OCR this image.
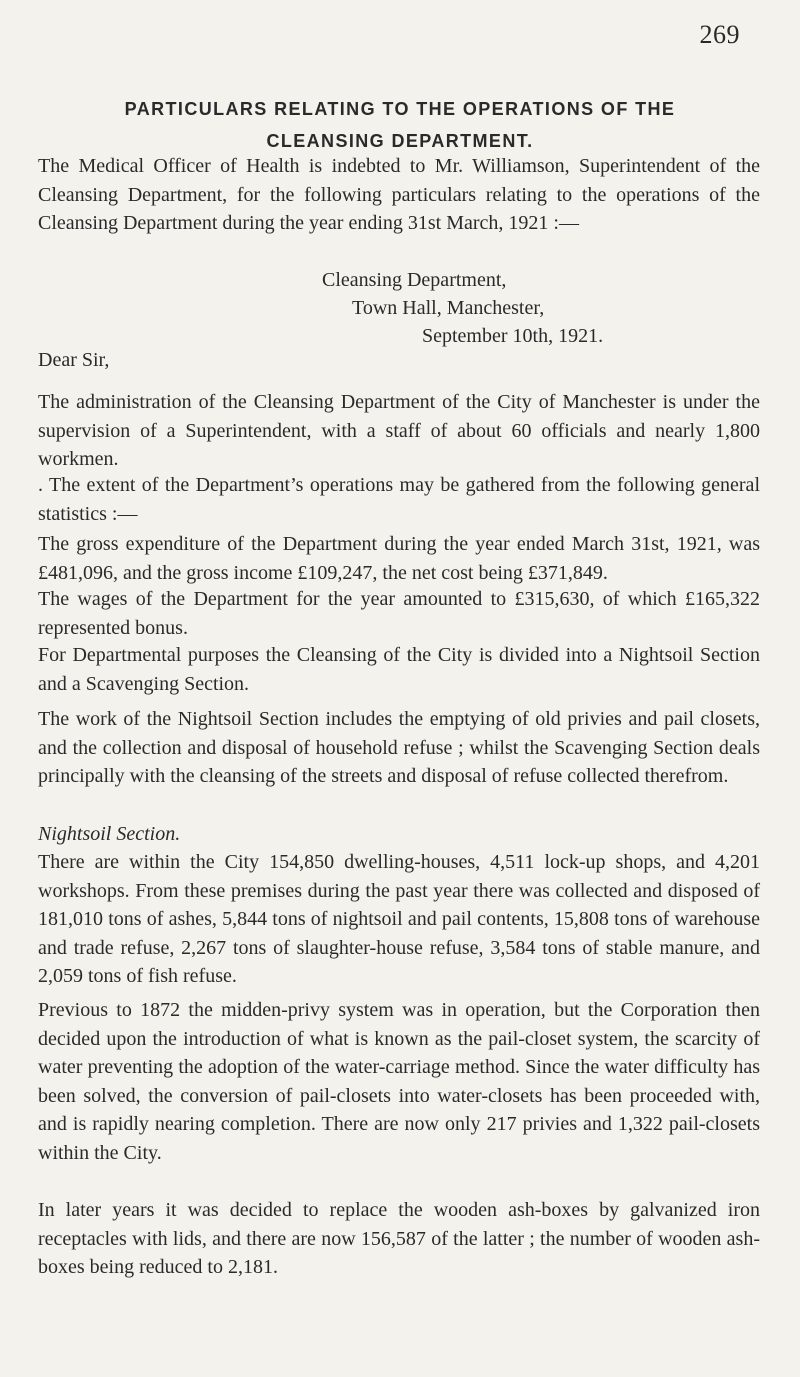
269
PARTICULARS RELATING TO THE OPERATIONS OF THE
CLEANSING DEPARTMENT.
The Medical Officer of Health is indebted to Mr. Williamson, Superintendent of the Cleansing Department, for the following particulars relating to the operations of the Cleansing Department during the year ending 31st March, 1921 :—
Cleansing Department,
Town Hall, Manchester,
September 10th, 1921.
Dear Sir,
The administration of the Cleansing Department of the City of Manchester is under the supervision of a Superintendent, with a staff of about 60 officials and nearly 1,800 workmen.
. The extent of the Department’s operations may be gathered from the following general statistics :—
The gross expenditure of the Department during the year ended March 31st, 1921, was £481,096, and the gross income £109,247, the net cost being £371,849.
The wages of the Department for the year amounted to £315,630, of which £165,322 represented bonus.
For Departmental purposes the Cleansing of the City is divided into a Nightsoil Section and a Scavenging Section.
The work of the Nightsoil Section includes the emptying of old privies and pail closets, and the collection and disposal of household refuse ; whilst the Scavenging Section deals principally with the cleansing of the streets and disposal of refuse collected therefrom.
Nightsoil Section.
There are within the City 154,850 dwelling-houses, 4,511 lock-up shops, and 4,201 workshops. From these premises during the past year there was collected and disposed of 181,010 tons of ashes, 5,844 tons of nightsoil and pail contents, 15,808 tons of warehouse and trade refuse, 2,267 tons of slaughter-house refuse, 3,584 tons of stable manure, and 2,059 tons of fish refuse.
Previous to 1872 the midden-privy system was in operation, but the Corporation then decided upon the introduction of what is known as the pail-closet system, the scarcity of water preventing the adoption of the water-carriage method. Since the water difficulty has been solved, the conversion of pail-closets into water-closets has been proceeded with, and is rapidly nearing completion. There are now only 217 privies and 1,322 pail-closets within the City.
In later years it was decided to replace the wooden ash-boxes by galvanized iron receptacles with lids, and there are now 156,587 of the latter ; the number of wooden ash-boxes being reduced to 2,181.
